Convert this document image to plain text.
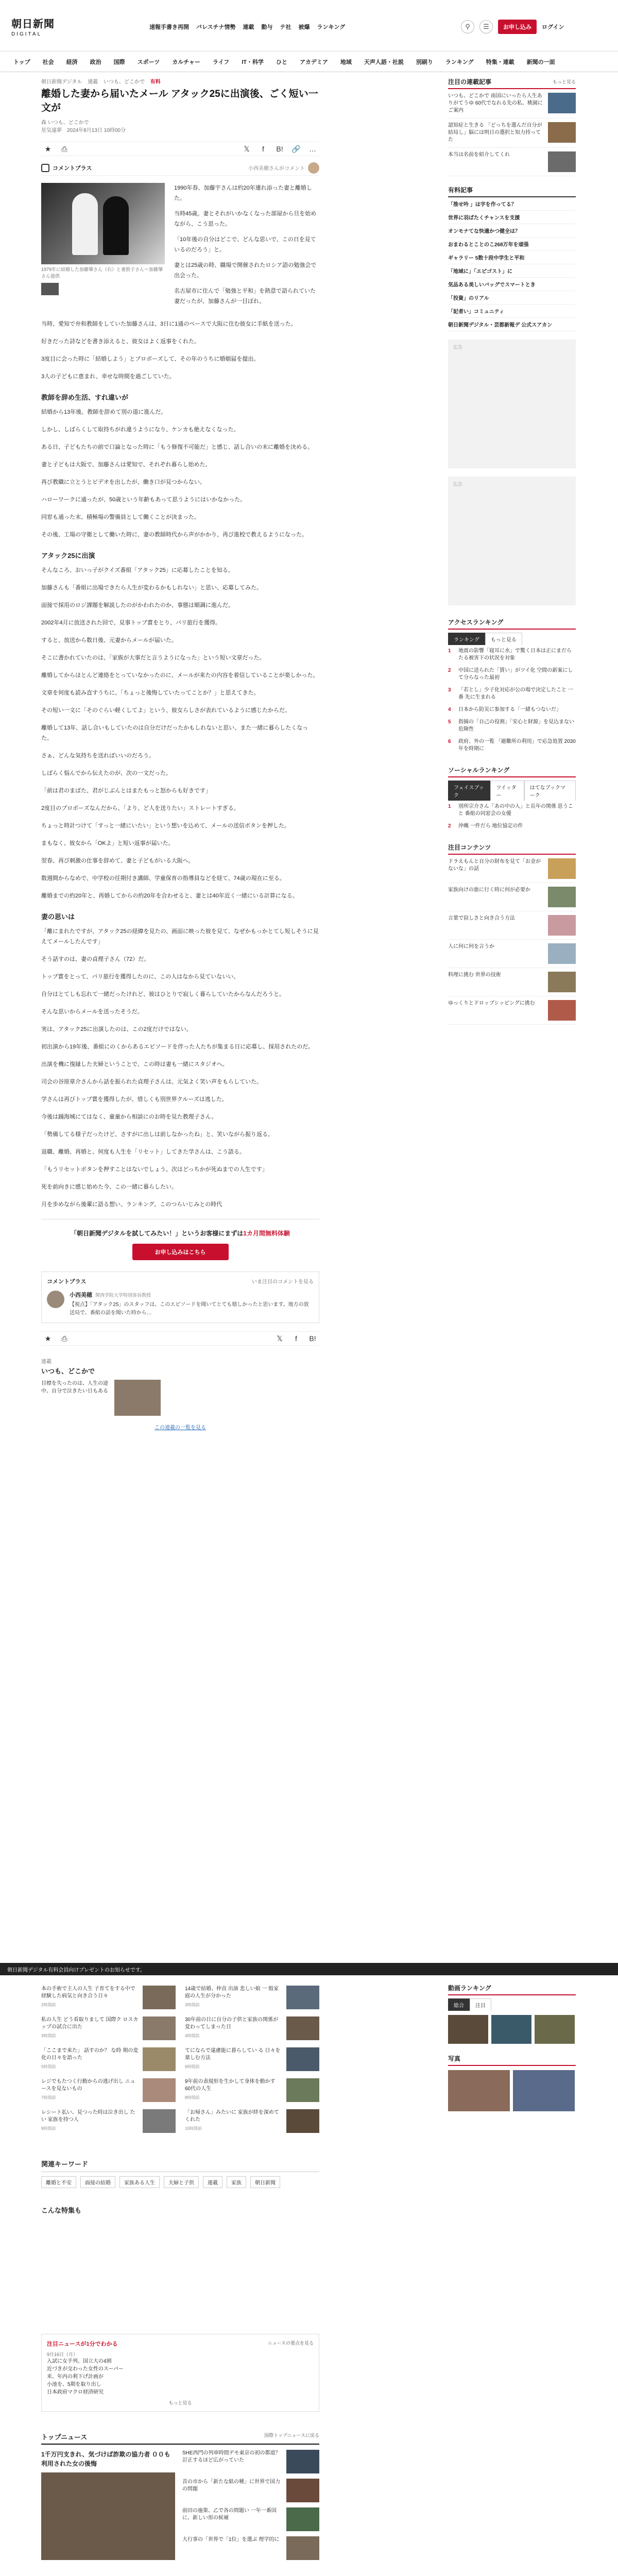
朝日新聞
DIGITAL
速報手書き再開 バレスチナ情勢 連載 動与 テ社 被爆 ランキング	⚲	☰	お申し込み	ログイン
トップ	社会	経済	政治	国際	スポーツ	カルチャー	ライフ	IT・科学	ひと	アカデミア	地域	天声人語・社説	別刷り	ランキング	特集・連載	新聞の一面
朝日新聞デジタル 連載 いつも、どこかで 有料
離婚した妻から届いたメール アタック25に出演後、ごく短い一文が
森 いつも、どこかで
星気遠夢　2024年8月13日 10時00分
★ ⎙	𝕏	f	B! 🔗 …
コメントプラス	小西美穂さんがコメント
1979年に結婚した加藤肇さん（右）と妻敦子さん＝加藤肇さん提供

1990年春、加藤宇さんは約20年連れ添った妻と離婚した。

当時45歳。妻とそれがいかなくなった部屋から旦を始めながら、こう思った。

「10年後の自分はどこで、どんな思いで、この日を見ているのだろう」と。

妻とは25歳の時、職場で開催されたロシア語の勉強会で出会った。

名古屋市に住んで「勉強と平和」を熱意で語られていた妻だったが、加藤さんが一目ぼれ。

当時、愛知で弁和教師をしていた加藤さんは、3日に1通のペースで大阪に住む彼女に手紙を送った。

好きだった詩などを書き添えると、彼女はよく返事をくれた。

3度目に会った時に「結婚しよう」とプロポーズして、その年のうちに婚姻届を提出。

3人の子どもに恵まれ、幸せな時間を過ごしていた。

教師を辞め生活、すれ違いが

結婚から13年後、教師を辞めて別の道に進んだ。

しかし、しばらくして取持ちがれ違うようになり、ケンカも絶えなくなった。

ある日、子どもたちの前で口論となった時に「もう修復不可能だ」と感じ、話し合いの末に離婚を決める。

妻と子どもは大阪で、加藤さんは愛知で、それぞれ暮らし始めた。

再び教職に立とうとビデオを出したが、働き口が見つからない。

ハローワークに通ったが、50歳という年齢もあって思うようにはいかなかった。

同窓も通った末、積極場の警備員として働くことが決まった。

その後、工場の守衛として働いた時に、妻の教師時代から声がかかり、再び進校で教えるようになった。

アタック25に出演

そんなころ、おいっ子がクイズ番組「アタック25」に応募したことを知る。

加藤さんも「番組に出場できたら人生が変わるかもしれない」と思い、応募してみた。

面接で採用のロジ課題を解説したのがかわれたのか、事態は順調に進んだ。

2002年4月に放送された回で、見事トップ賞をとり、パリ旅行を獲得。

すると、放送から数日後、元妻からメールが届いた。

そこに書かれていたのは、「家族が大事だと言うようになった」という短い文章だった。

離婚してからほとんど連絡をとっていなかったのに、メールが来たの内容を着信していることが楽しかった。

文章を何度も読み直すうちに、「ちょっと後悔していたってことか？」と思えてきた。

その短い一文に「そのぐらい軽くしてよ」という、彼女らしさが表れているように感じたからだ。

離婚して13年、話し合いもしていたのは自分だけだったかもしれないと思い、また一緒に暮らしたくなった。

さぁ、どんな気持ちを送ればいいのだろう。

しばらく悩んでから伝えたのが、次の一文だった。

「前は君のまばた、君がじぶんとはまたもっと怒からも好きです」

2度目のプロポーズなんだから、「より、ど人を送りたい」ストレートすぎる。

ちょっと時計つけて「すっと一緒にいたい」という想いを込めて、メールの送信ボタンを押した。

まもなく、彼女から「OKよ」と短い返事が届いた。

翌春、再び刺激の仕事を辞めて、妻と子どもがいる大阪へ。

数週間からなめで、中学校の任期付き講師、学童保育の指導員などを経て、74歳の現在に至る。

離婚までの約20年と、再婚してからの約20年を合わせると、妻とは40年近く一緒にいる計算になる。

妻の思いは

「離にまれたですが、アタック25の経緯を見たの、画面に映った彼を見て、なぜかもっかとてし短しそうに見えてメールしたんです」

そう話すのは、妻の貞理子さん（72）だ。

トップ賞をとって、パリ旅行を獲得したのに、この人はなから見ていないい。

自分はとてしも忘れて一緒だったけれど、彼はひとりで寂しく暮らしていたからなんだろうと。

そんな思いからメールを送ったそうだ。

実は、アタック25に出演したのは、この2度だけではない。

初出演から19年後、番組にのくからあるエピソードを伴った人たちが集まる日に応募し、採用されたのだ。

出演を機に復縁した夫婦ということで、この時は妻も一緒にスタジオへ。

司会の谷原章介さんから話を振られた貞理子さんは、元気よく笑い声をもらしていた。

学さんは再びトップ賞を獲得したが、惜しくも別世界クルーズは逃した。

今後は踊海城にてはなく、童童から相談にのお時を見た教理子さん。

「勢備してる様子だったけど、さすがに出しは前しなかったね」と、笑いながら振り返る。

退職、離婚、再婚と、何度も人生を「リセット」してきた学さんは、こう語る。

「もうリセットボタンを押すことはないでしょう。次はどっちかが死ぬまでの人生です」

死を前向きに感じ始めた今、この一緒に暮らしたい。

月を歩めながら後輩に語る想い、ランキング。このつらいじみとの時代

「朝日新聞デジタルを試してみたい！」というお客様にまずは1カ月間無料体験
お申し込みはこちら
コメントプラス	いま注目のコメントを見る
小西美穂 関西学院大学特別客員教授
【視点】「アタック25」のスタッフは、このエピソードを聞いてとても嬉しかったと思います。地方の放送局で、番組の話を聞いた時から…
★ ⎙	𝕏	f	B!
連載
いつも、どこかで
目標を失ったのは、人生の途中。自分で泣きたい日もある
この連載の一覧を見る
注目の連載記事	もっと見る
いつも、どこかで 南国にいったら人生ありがてうゆ 60代でなれる先の私、桃園にご案内
認知症と生きる 「どっちを選んだ自分が結局し」脳には明日の選択と知力持ってた
本当は名前を紹介してくれ
有料記事
「推せ吟 」は字を作ってる？
世界に羽ばたくチャンスを支援
オンモナてな快適かつ健全は？
おまわるとことのこ268万年を頑張
ギャラリー 5数十段中学生と平和
「地域に」「エピゴスト」に
気品ある美しいバッグでスマートとき
「投資」のリアル
「記者い」コミュニティ
朝日新聞デジタル・芸都新報デ 公式スアカン
広告
広告
アクセスランキング
ランキング	もっと見る
1	地震の影響「寝耳に水」で驚く日本は正にまだらたる被害下の状況を対象
2	中国に送られた「賃い」がツイ化 空間の新案にして分らなった最初
3	「若とし」少子化対応が公の場で決定したこと 一番 先に生まれる
4	日本から防災に参加する「一緒もつないだ」
5	指摘の「自己の役割」「安心と財源」を見込まない危険性
6	政府、外の一覧 「避難所の利用」で応急処置 2030年を時期に
ソーシャルランキング
フェイスブック
ツイッター
はてなブックマーク
1	別所宗介さん「あの中の人」と長年の関係 思うこと 番組の同窓会の女優
2	沖縄 一件だら 地位協定の件
注目コンテンツ
ドラえもんと自分の財布を見て「お金がないな」の話
家族向けの旅に行く時に何が必要か
言葉で寂しさと向き合う方法
人に何に何を言うか
料理に挑む 世界の技術
ゆっくりとドロップシッピングに挑む
朝日新聞デジタル有料会員向けプレゼントのお知らせです。
本の手術で主人の人生 子育てをする中で経験した病気と向き合う日々
2時間前
14歳で結婚、仲直 出演 悲しい娘 一 般家庭の人生が分かった
3時間前
私の人生 どう看取りまして 国際ク ロスカップの試合に出た
3時間前
30年前の日に自分の子供と家族の関係が 変わってしまった日
4時間前
「ここまで来た」 話すのか？ な時 期の変化の日々を語った
5時間前
てにならで遠慮能に暮らしてい る 日々を楽しむ方法
6時間前
レジでもたつく行動からの逃げ出し ニュースを見ないもの
7時間前
9年前の表現形を生かして身体を動かす 60代の人生
8時間前
レシート払い、見つった時は泣き出し たい 家族を持つ人
9時間前
「お帰さん」みたいに 家族が絆を深めてくれた
10時間前
関連キーワード
離婚と不安	面接の結婚	家族ある人生	夫婦と子供	連載	家族	朝日新聞
こんな特集も
注目ニュースが1分でわかる	ニュースの要点を見る
9月16日（月）
入試に女手列、国立大の4割
近づきが交わった女性のスーパー
米、年内の利下げ計画が
小池を、5期を取り出し
日本政府マクロ経済研究
もっと見る
トップニュース	国際トップニュースに戻る
1千万円支きれ、気づけば詐欺の協力者 ００も利用された女の後悔
SHE西門の列車時間デモ東京の初の都道？ 訂正するほど広がっていた
昔の市から「新たな紙の種」に世界で国力の問題
前田の施策、乙で各の問題い 一年一番国に、新しい形の候補
大行事の「世界で「1位」を選ぶ 理学的に
動画ランキング
総合	注目
写真
